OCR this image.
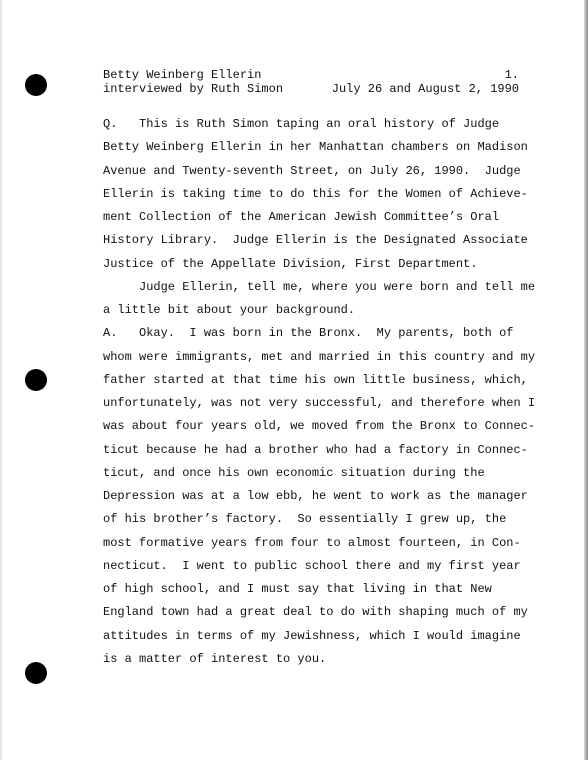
Betty Weinberg Ellerin
interviewed by Ruth Simon
1.
July 26 and August 2, 1990
Q.   This is Ruth Simon taping an oral history of Judge
Betty Weinberg Ellerin in her Manhattan chambers on Madison
Avenue and Twenty-seventh Street, on July 26, 1990.  Judge
Ellerin is taking time to do this for the Women of Achieve-
ment Collection of the American Jewish Committee’s Oral
History Library.  Judge Ellerin is the Designated Associate
Justice of the Appellate Division, First Department.
Judge Ellerin, tell me, where you were born and tell me
a little bit about your background.
A.   Okay.  I was born in the Bronx.  My parents, both of
whom were immigrants, met and married in this country and my
father started at that time his own little business, which,
unfortunately, was not very successful, and therefore when I
was about four years old, we moved from the Bronx to Connec-
ticut because he had a brother who had a factory in Connec-
ticut, and once his own economic situation during the
Depression was at a low ebb, he went to work as the manager
of his brother’s factory.  So essentially I grew up, the
most formative years from four to almost fourteen, in Con-
necticut.  I went to public school there and my first year
of high school, and I must say that living in that New
England town had a great deal to do with shaping much of my
attitudes in terms of my Jewishness, which I would imagine
is a matter of interest to you.
